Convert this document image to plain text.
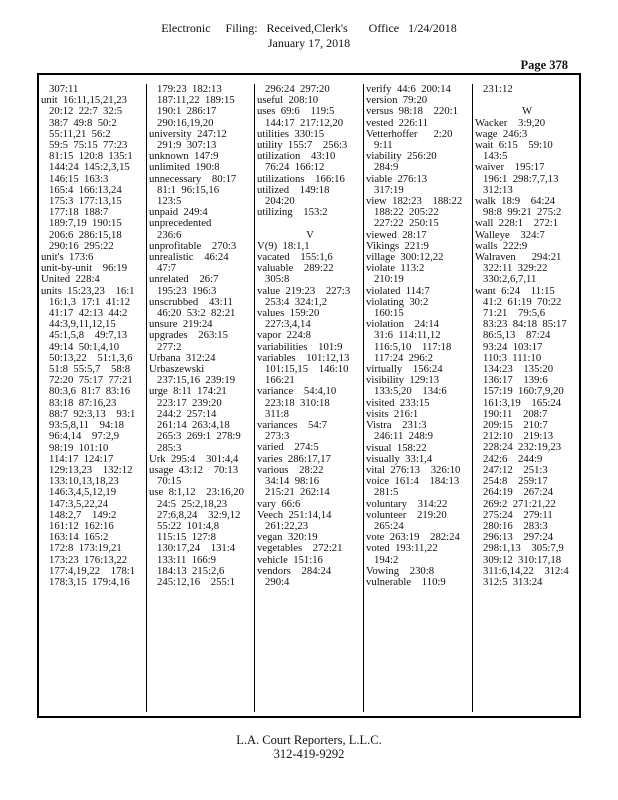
Electronic     Filing:   Received,Clerk's       Office   1/24/2018
January 17, 2018
Page 378
307:11
unit  16:11,15,21,23
20:12  22:7  32:5
38:7  49:8  50:2
55:11,21  56:2
59:5  75:15  77:23
81:15  120:8  135:1
144:24  145:2,3,15
146:15  163:3
165:4  166:13,24
175:3  177:13,15
177:18  188:7
189:7,19  190:15
206:6  286:15,18
290:16  295:22
unit's  173:6
unit-by-unit    96:19
United  228:4
units  15:23,23    16:1
16:1,3  17:1  41:12
41:17  42:13  44:2
44:3,9,11,12,15
45:1,5,8    49:7,13
49:14  50:1,4,10
50:13,22    51:1,3,6
51:8  55:5,7    58:8
72:20  75:17  77:21
80:3,6  81:7  83:16
83:18  87:16,23
88:7  92:3,13    93:1
93:5,8,11    94:18
96:4,14    97:2,9
98:19  101:10
114:17  124:17
129:13,23    132:12
133:10,13,18,23
146:3,4,5,12,19
147:3,5,22,24
148:2,7    149:2
161:12  162:16
163:14  165:2
172:8  173:19,21
173:23  176:13,22
177:4,19,22    178:1
178:3,15  179:4,16
179:23  182:13
187:11,22  189:15
190:1  286:17
290:16,19,20
university  247:12
291:9  307:13
unknown  147:9
unlimited  190:8
unnecessary    80:17
81:1  96:15,16
123:5
unpaid  249:4
unprecedented
236:6
unprofitable    270:3
unrealistic    46:24
47:7
unrelated    26:7
195:23  196:3
unscrubbed    43:11
46:20  53:2  82:21
unsure  219:24
upgrades    263:15
277:2
Urbana  312:24
Urbaszewski
237:15,16  239:19
urge  8:11  174:21
223:17  239:20
244:2  257:14
261:14  263:4,18
265:3  269:1  278:9
285:3
Urk  295:4    301:4,4
usage  43:12    70:13
70:15
use  8:1,12    23:16,20
24:5  25:2,18,23
27:6,8,24    32:9,12
55:22  101:4,8
115:15  127:8
130:17,24    131:4
133:11  166:9
184:13  215:2,6
245:12,16    255:1
296:24  297:20
useful  208:10
uses  69:6    119:5
144:17  217:12,20
utilities  330:15
utility  155:7    256:3
utilization    43:10
76:24  166:12
utilizations    166:16
utilized    149:18
204:20
utilizing    153:2
V
V(9)  18:1,1
vacated    155:1,6
valuable    289:22
305:8
value  219:23    227:3
253:4  324:1,2
values  159:20
227:3,4,14
vapor  224:8
variabilities    101:9
variables    101:12,13
101:15,15    146:10
166:21
variance    54:4,10
223:18  310:18
311:8
variances    54:7
273:3
varied    274:5
varies  286:17,17
various    28:22
34:14  98:16
215:21  262:14
vary  66:6
Veech  251:14,14
261:22,23
vegan  320:19
vegetables    272:21
vehicle  151:16
vendors    284:24
290:4
verify  44:6  200:14
version  79:20
versus  98:18    220:1
vested  226:11
Vetterhoffer      2:20
9:11
viability  256:20
284:9
viable  276:13
317:19
view  182:23    188:22
188:22  205:22
227:22  250:15
viewed  28:17
Vikings  221:9
village  300:12,22
violate  113:2
210:19
violated  114:7
violating  30:2
160:15
violation    24:14
31:6  114:11,12
116:5,10    117:18
117:24  296:2
virtually    156:24
visibility  129:13
133:5,20    134:6
visited  233:15
visits  216:1
Vistra    231:3
246:11  248:9
visual  158:22
visually  33:1,4
vital  276:13    326:10
voice  161:4    184:13
281:5
voluntary    314:22
volunteer    219:20
265:24
vote  263:19    282:24
voted  193:11,22
194:2
Vowing    230:8
vulnerable    110:9
231:12
W
Wacker    3:9,20
wage  246:3
wait  6:15    59:10
143:5
waiver    195:17
196:1  298:7,7,13
312:13
walk  18:9    64:24
98:8  99:21  275:2
wall  228:1    272:1
Walleye    324:7
walls  222:9
Walraven      294:21
322:11  329:22
330:2,6,7,11
want  6:24    11:15
41:2  61:19  70:22
71:21    79:5,6
83:23  84:18  85:17
86:5,13    87:24
93:24  103:17
110:3  111:10
134:23    135:20
136:17    139:6
157:19  160:7,9,20
161:3,19    165:24
190:11    208:7
209:15    210:7
212:10    219:13
228:24  232:19,23
242:6    244:9
247:12    251:3
254:8    259:17
264:19    267:24
269:2  271:21,22
275:24    279:11
280:16    283:3
296:13    297:24
298:1,13    305:7,9
309:12  310:17,18
311:6,14,22    312:4
312:5  313:24
L.A. Court Reporters, L.L.C.
312-419-9292
